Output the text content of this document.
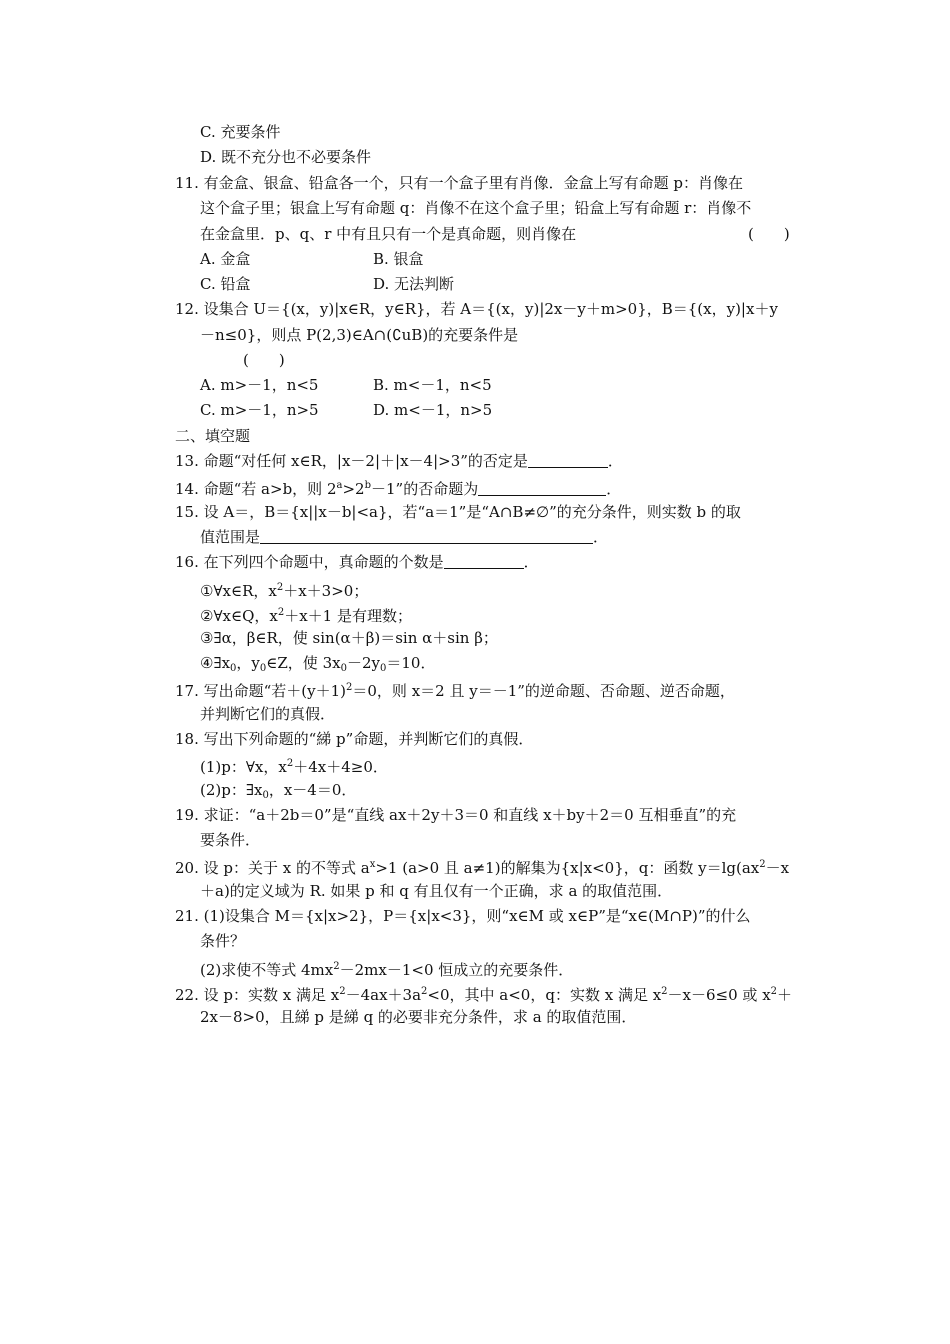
C. 充要条件
D. 既不充分也不必要条件
11. 有金盒、银盒、铅盒各一个，只有一个盒子里有肖像．金盒上写有命题 p：肖像在
这个盒子里；银盒上写有命题 q：肖像不在这个盒子里；铅盒上写有命题 r：肖像不
在金盒里．p、q、r 中有且只有一个是真命题，则肖像在	(　　)
A. 金盒	B. 银盒
C. 铅盒	D. 无法判断
12. 设集合 U＝{(x，y)|x∈R，y∈R}，若 A＝{(x，y)|2x－y＋m>0}，B＝{(x，y)|x＋y
－n≤0}，则点 P(2,3)∈A∩(∁uB)的充要条件是
(　　)
A. m>－1，n<5	B. m<－1，n<5
C. m>－1，n>5	D. m<－1，n>5
二、填空题
13. 命题“对任何 x∈R，|x－2|＋|x－4|>3”的否定是	．
14. 命题“若 a>b，则 $2^a>2^b-1$”的否命题为	．
15. 设 A＝，B＝{x||x－b|<a}，若“a＝1”是“A∩B≠∅”的充分条件，则实数 b 的取
值范围是	．
16. 在下列四个命题中，真命题的个数是	．
①∀x∈R，$x^2+x+3>0$；
②∀x∈Q，$x^2+x+1$ 是有理数；
③∃α，β∈R，使 sin(α＋β)＝sin α＋sin β；
$④\exists x_0$，$y_0\in Z$，使 $3x_0-2y_0=10$．
17. 写出命题“若$+(y+1)^2=0$，则 x＝2 且 y＝－1”的逆命题、否命题、逆否命题，
并判断它们的真假．
18. 写出下列命题的“綈 p”命题，并判断它们的真假．
(1)p：∀x，$x^2+4x+4\ge 0$．
(2)p：$\exists x_0$，x－4＝0．
19. 求证：“a＋2b＝0”是“直线 ax＋2y＋3＝0 和直线 x＋by＋2＝0 互相垂直”的充
要条件．
20. 设 p：关于 x 的不等式 $a^x>1$ (a>0 且 a≠1)的解集为{x|x<0}，q：函数 $y=\lg(ax^2-x$
＋a)的定义域为 R. 如果 p 和 q 有且仅有一个正确，求 a 的取值范围．
21. (1)设集合 M＝{x|x>2}，P＝{x|x<3}，则“x∈M 或 x∈P”是“x∈(M∩P)”的什么
条件？
(2)求使不等式 $4mx^2-2mx-1<0$ 恒成立的充要条件．
22. 设 p：实数 x 满足 $x^2-4ax+3a^2<0$，其中 a<0，q：实数 x 满足 $x^2-x-6\le 0$ 或 $x^2+$
2x－8>0，且綈 p 是綈 q 的必要非充分条件，求 a 的取值范围．
